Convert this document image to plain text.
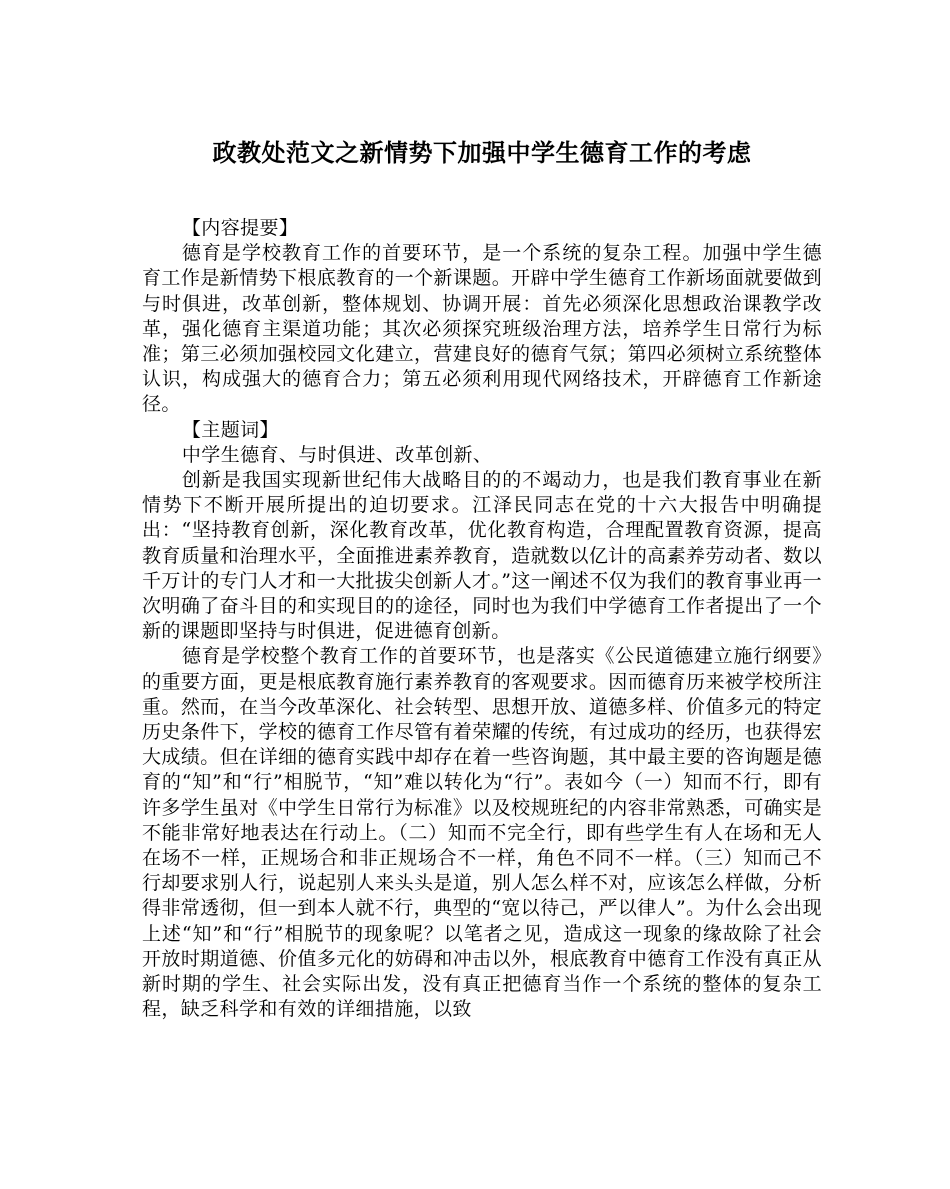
政教处范文之新情势下加强中学生德育工作的考虑

【内容提要】

德育是学校教育工作的首要环节，是一个系统的复杂工程。加强中学生德育工作是新情势下根底教育的一个新课题。开辟中学生德育工作新场面就要做到与时俱进，改革创新，整体规划、协调开展：首先必须深化思想政治课教学改革，强化德育主渠道功能；其次必须探究班级治理方法，培养学生日常行为标准；第三必须加强校园文化建立，营建良好的德育气氛；第四必须树立系统整体认识，构成强大的德育合力；第五必须利用现代网络技术，开辟德育工作新途径。

【主题词】

中学生德育、与时俱进、改革创新、

创新是我国实现新世纪伟大战略目的的不竭动力，也是我们教育事业在新情势下不断开展所提出的迫切要求。江泽民同志在党的十六大报告中明确提出：“坚持教育创新，深化教育改革，优化教育构造，合理配置教育资源，提高教育质量和治理水平，全面推进素养教育，造就数以亿计的高素养劳动者、数以千万计的专门人才和一大批拔尖创新人才。”这一阐述不仅为我们的教育事业再一次明确了奋斗目的和实现目的的途径，同时也为我们中学德育工作者提出了一个新的课题即坚持与时俱进，促进德育创新。

德育是学校整个教育工作的首要环节，也是落实《公民道德建立施行纲要》的重要方面，更是根底教育施行素养教育的客观要求。因而德育历来被学校所注重。然而，在当今改革深化、社会转型、思想开放、道德多样、价值多元的特定历史条件下，学校的德育工作尽管有着荣耀的传统，有过成功的经历，也获得宏大成绩。但在详细的德育实践中却存在着一些咨询题，其中最主要的咨询题是德育的“知”和“行”相脱节，“知”难以转化为“行”。表如今（一）知而不行，即有许多学生虽对《中学生日常行为标准》以及校规班纪的内容非常熟悉，可确实是不能非常好地表达在行动上。（二）知而不完全行，即有些学生有人在场和无人在场不一样，正规场合和非正规场合不一样，角色不同不一样。（三）知而己不行却要求别人行，说起别人来头头是道，别人怎么样不对，应该怎么样做，分析得非常透彻，但一到本人就不行，典型的“宽以待己，严以律人”。为什么会出现上述“知”和“行”相脱节的现象呢？以笔者之见，造成这一现象的缘故除了社会开放时期道德、价值多元化的妨碍和冲击以外，根底教育中德育工作没有真正从新时期的学生、社会实际出发，没有真正把德育当作一个系统的整体的复杂工程，缺乏科学和有效的详细措施，以致
